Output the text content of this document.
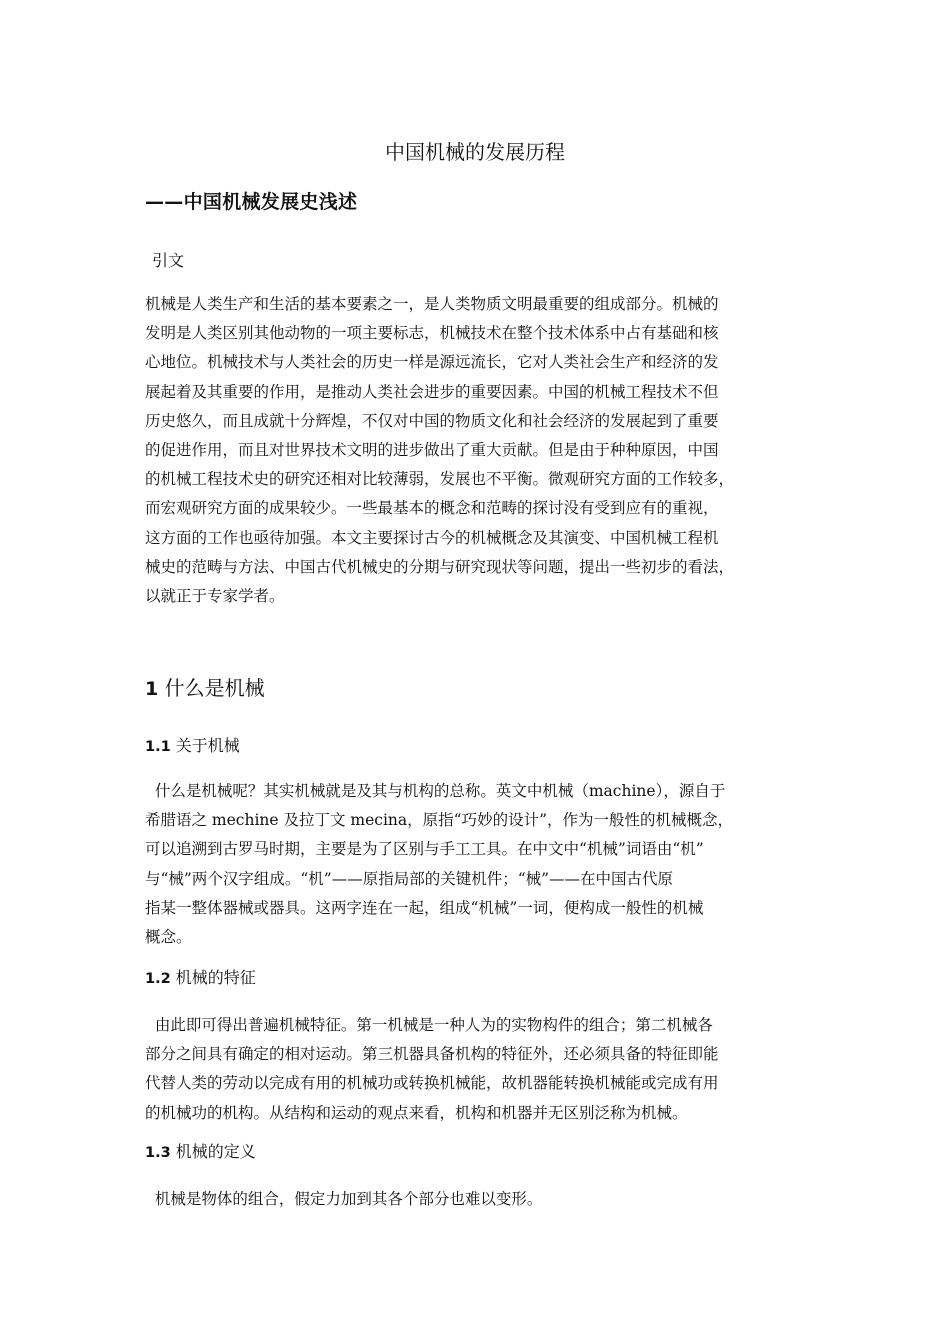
中国机械的发展历程
——中国机械发展史浅述
引文
机械是人类生产和生活的基本要素之一，是人类物质文明最重要的组成部分。机械的
发明是人类区别其他动物的一项主要标志，机械技术在整个技术体系中占有基础和核
心地位。机械技术与人类社会的历史一样是源远流长，它对人类社会生产和经济的发
展起着及其重要的作用，是推动人类社会进步的重要因素。中国的机械工程技术不但
历史悠久，而且成就十分辉煌，不仅对中国的物质文化和社会经济的发展起到了重要
的促进作用，而且对世界技术文明的进步做出了重大贡献。但是由于种种原因，中国
的机械工程技术史的研究还相对比较薄弱，发展也不平衡。微观研究方面的工作较多，
而宏观研究方面的成果较少。一些最基本的概念和范畴的探讨没有受到应有的重视，
这方面的工作也亟待加强。本文主要探讨古今的机械概念及其演变、中国机械工程机
械史的范畴与方法、中国古代机械史的分期与研究现状等问题，提出一些初步的看法，
以就正于专家学者。
1 什么是机械
1.1 关于机械
什么是机械呢？其实机械就是及其与机构的总称。英文中机械（machine），源自于
希腊语之 mechine 及拉丁文 mecina，原指“巧妙的设计”，作为一般性的机械概念，
可以追溯到古罗马时期，主要是为了区别与手工工具。在中文中“机械”词语由“机”
与“械”两个汉字组成。“机”——原指局部的关键机件；“械”——在中国古代原
指某一整体器械或器具。这两字连在一起，组成“机械”一词，便构成一般性的机械
概念。
1.2 机械的特征
由此即可得出普遍机械特征。第一机械是一种人为的实物构件的组合；第二机械各
部分之间具有确定的相对运动。第三机器具备机构的特征外，还必须具备的特征即能
代替人类的劳动以完成有用的机械功或转换机械能，故机器能转换机械能或完成有用
的机械功的机构。从结构和运动的观点来看，机构和机器并无区别泛称为机械。
1.3 机械的定义
机械是物体的组合，假定力加到其各个部分也难以变形。
